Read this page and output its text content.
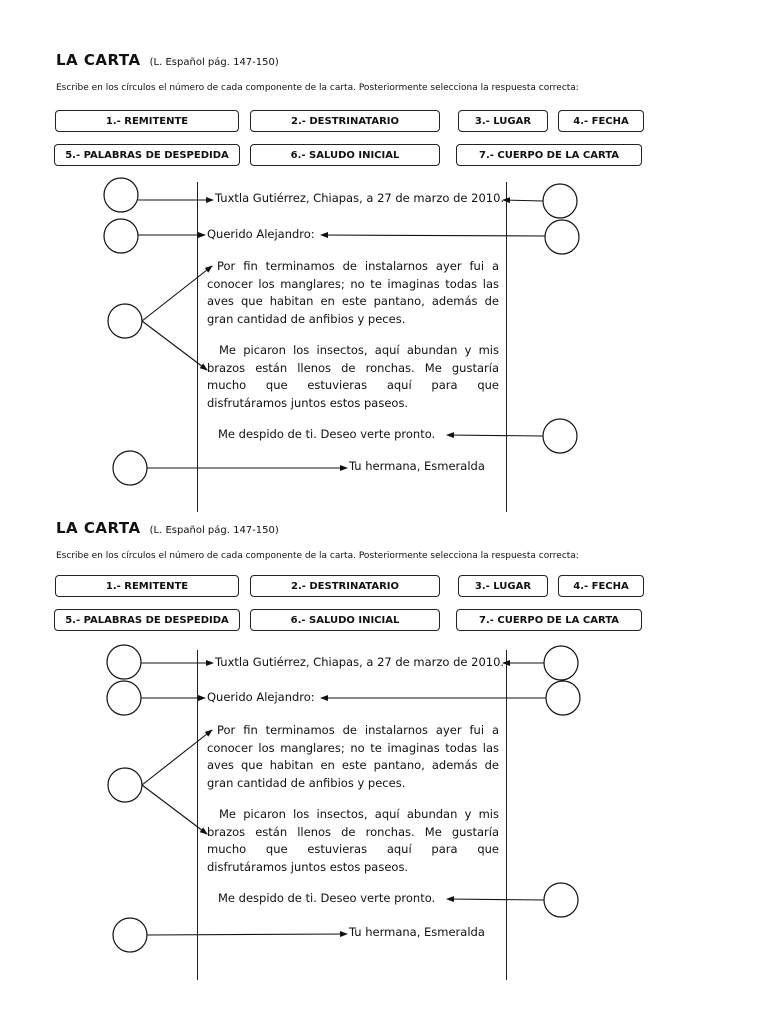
LA CARTA (L. Español pág. 147-150)
Escribe en los círculos el número de cada componente de la carta. Posteriormente selecciona la respuesta correcta:
1.- REMITENTE	2.- DESTRINATARIO	3.- LUGAR	4.- FECHA
5.- PALABRAS DE DESPEDIDA	6.- SALUDO INICIAL	7.- CUERPO DE LA CARTA
Tuxtla Gutiérrez, Chiapas, a 27 de marzo de 2010.
Querido Alejandro:
Por fin terminamos de instalarnos ayer fui a conocer los manglares; no te imaginas todas las aves que habitan en este pantano, además de gran cantidad de anfibios y peces.
Me picaron los insectos, aquí abundan y mis brazos están llenos de ronchas. Me gustaría mucho que estuvieras aquí para que disfrutáramos juntos estos paseos.
Me despido de ti. Deseo verte pronto.
Tu hermana, Esmeralda
LA CARTA (L. Español pág. 147-150)
Escribe en los círculos el número de cada componente de la carta. Posteriormente selecciona la respuesta correcta:
1.- REMITENTE	2.- DESTRINATARIO	3.- LUGAR	4.- FECHA
5.- PALABRAS DE DESPEDIDA	6.- SALUDO INICIAL	7.- CUERPO DE LA CARTA
Tuxtla Gutiérrez, Chiapas, a 27 de marzo de 2010.
Querido Alejandro:
Por fin terminamos de instalarnos ayer fui a conocer los manglares; no te imaginas todas las aves que habitan en este pantano, además de gran cantidad de anfibios y peces.
Me picaron los insectos, aquí abundan y mis brazos están llenos de ronchas. Me gustaría mucho que estuvieras aquí para que disfrutáramos juntos estos paseos.
Me despido de ti. Deseo verte pronto.
Tu hermana, Esmeralda
